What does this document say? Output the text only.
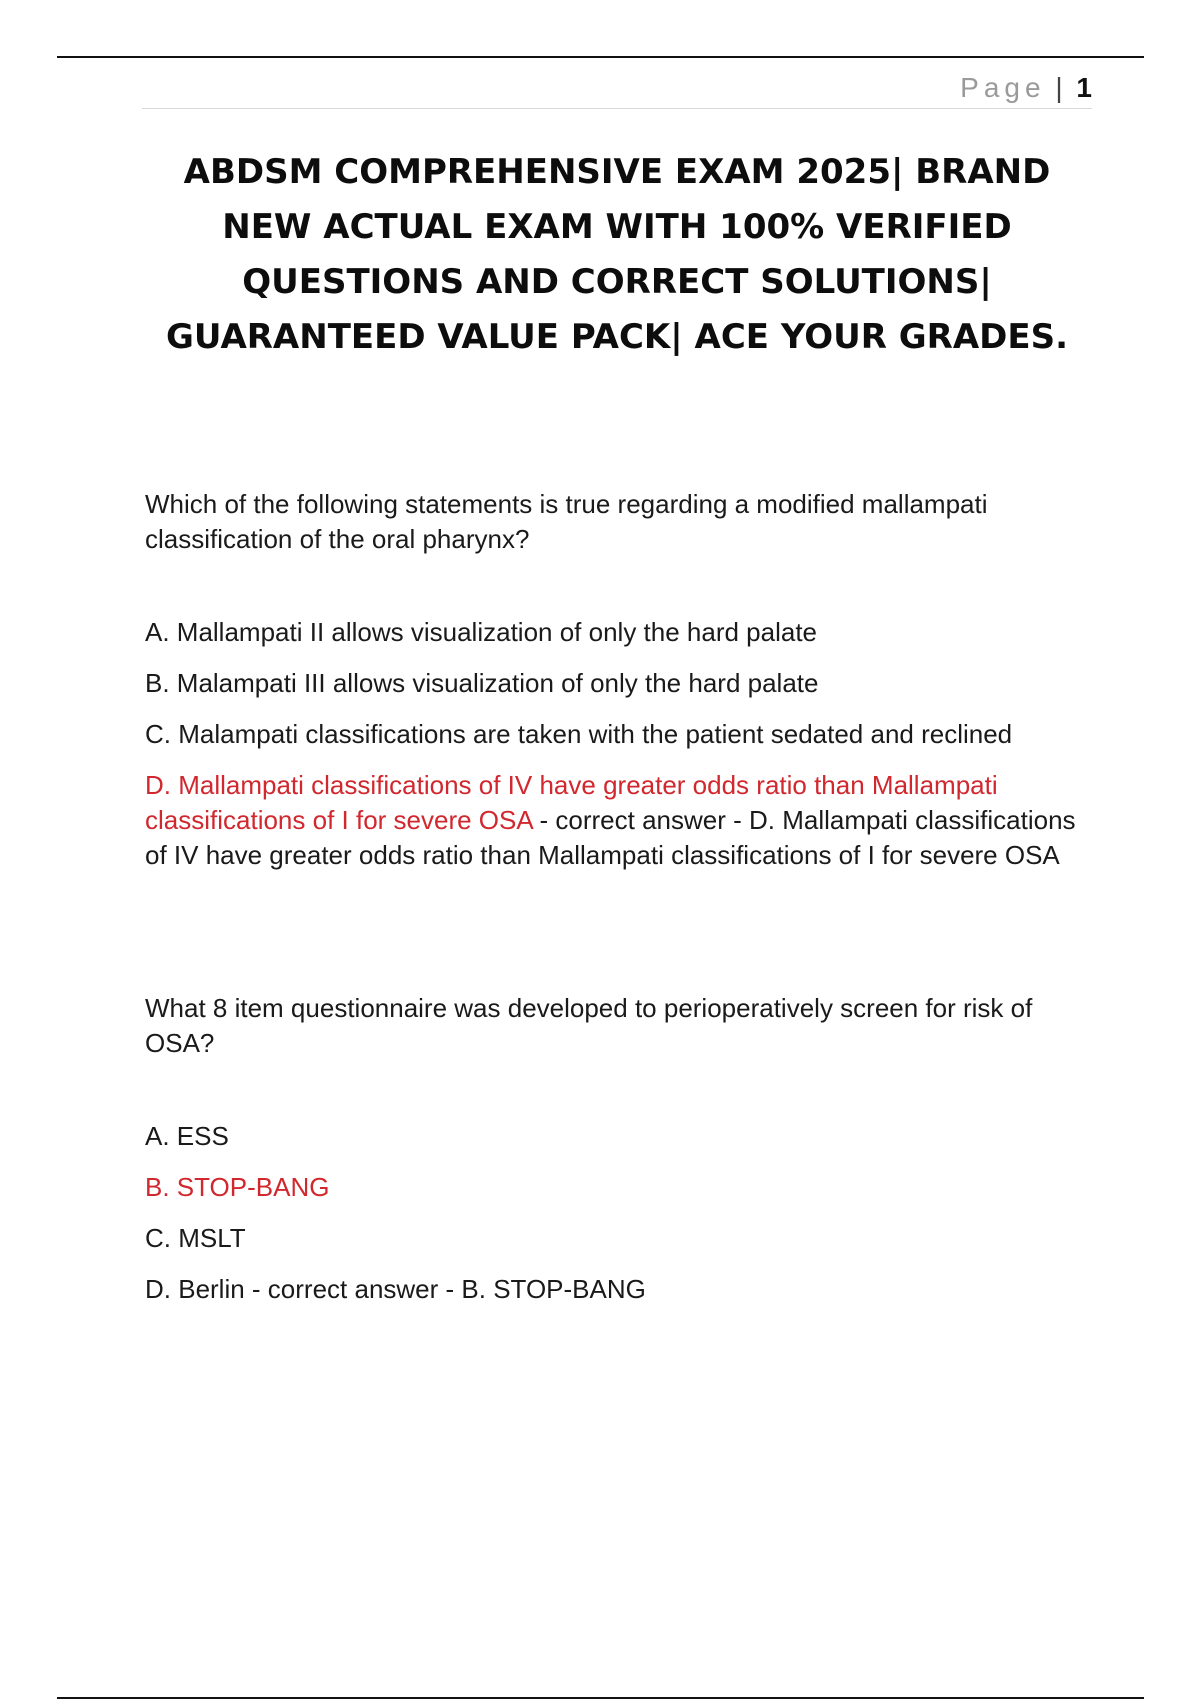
Page | 1
ABDSM COMPREHENSIVE EXAM 2025| BRAND NEW ACTUAL EXAM WITH 100% VERIFIED QUESTIONS AND CORRECT SOLUTIONS| GUARANTEED VALUE PACK| ACE YOUR GRADES.

Which of the following statements is true regarding a modified mallampati classification of the oral pharynx?

A. Mallampati II allows visualization of only the hard palate

B. Malampati III allows visualization of only the hard palate

C. Malampati classifications are taken with the patient sedated and reclined

D. Mallampati classifications of IV have greater odds ratio than Mallampati classifications of I for severe OSA - correct answer - D. Mallampati classifications of IV have greater odds ratio than Mallampati classifications of I for severe OSA

What 8 item questionnaire was developed to perioperatively screen for risk of OSA?

A. ESS

B. STOP-BANG

C. MSLT

D. Berlin - correct answer - B. STOP-BANG
